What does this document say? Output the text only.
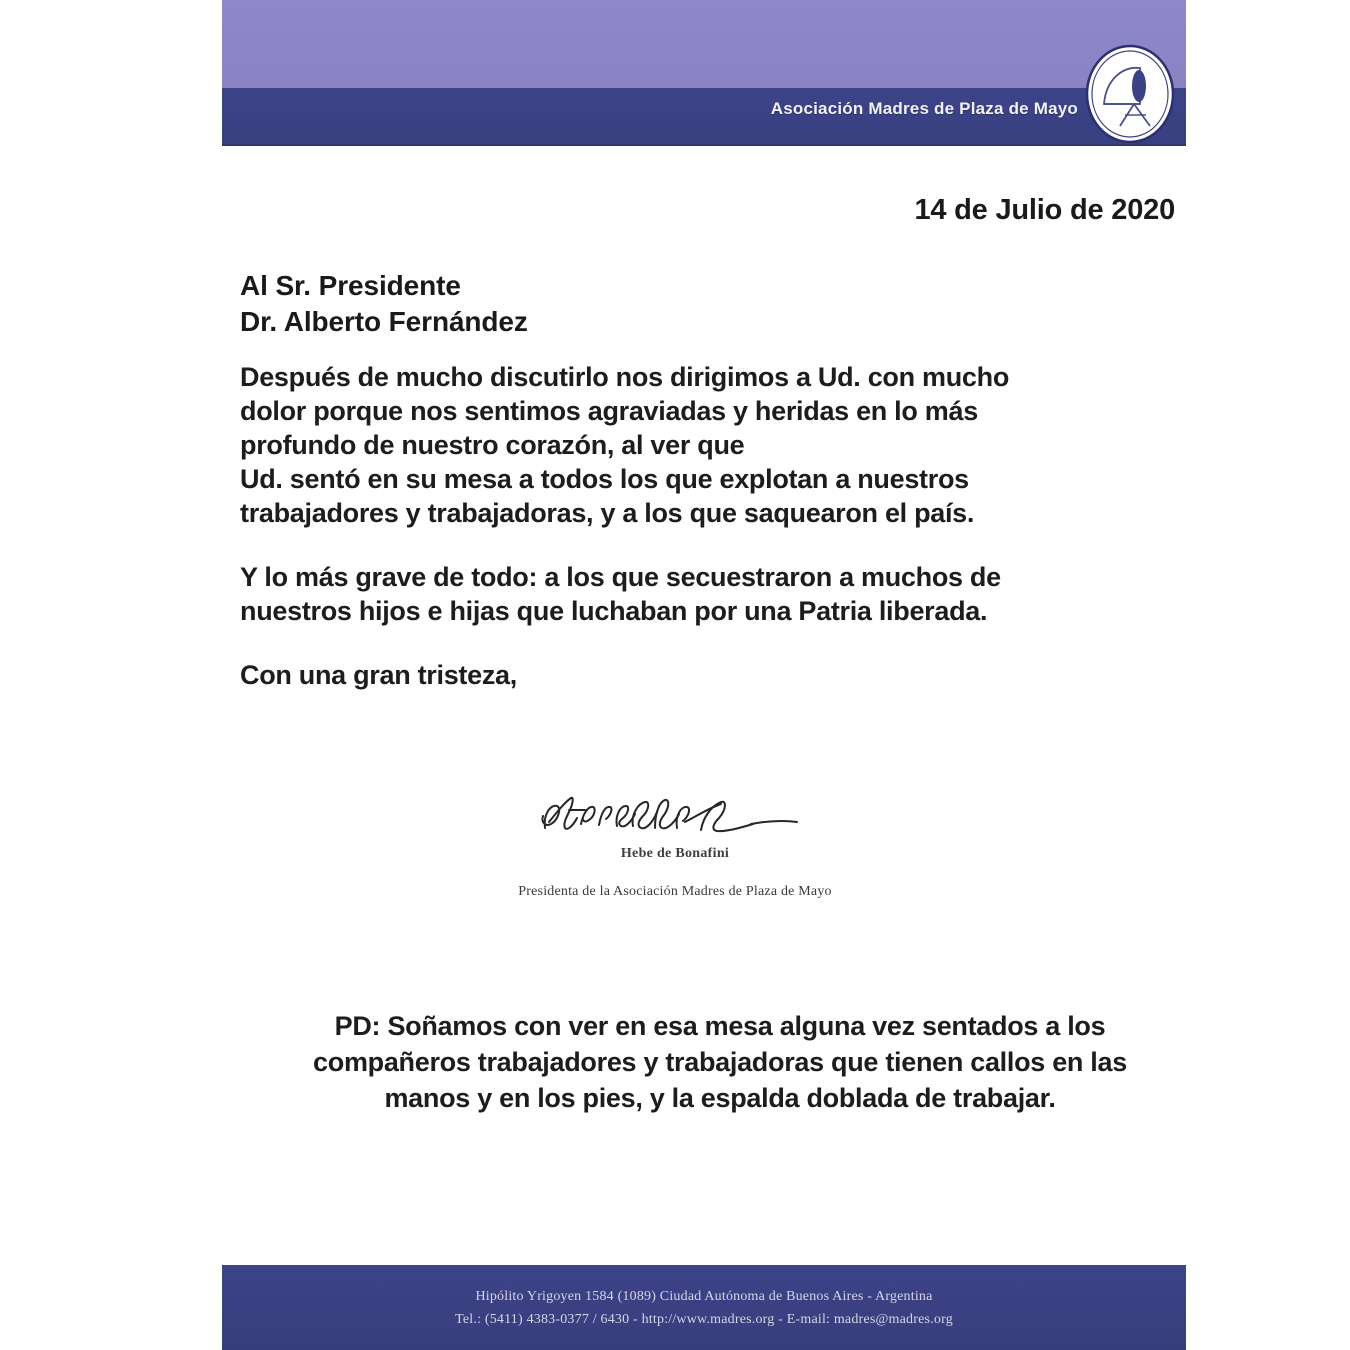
Asociación Madres de Plaza de Mayo
14 de Julio de 2020
Al Sr. Presidente
Dr. Alberto Fernández
Después de mucho discutirlo nos dirigimos a Ud. con mucho
dolor porque nos sentimos agraviadas y heridas en lo más
profundo de nuestro corazón, al ver que
Ud. sentó en su mesa a todos los que explotan a nuestros
trabajadores y trabajadoras, y a los que saquearon el país.
Y lo más grave de todo: a los que secuestraron a muchos de
nuestros hijos e hijas que luchaban por una Patria liberada.
Con una gran tristeza,
Hebe de Bonafini
Presidenta de la Asociación Madres de Plaza de Mayo
PD: Soñamos con ver en esa mesa alguna vez sentados a los
compañeros trabajadores y trabajadoras que tienen callos en las
manos y en los pies, y la espalda doblada de trabajar.
Hipólito Yrigoyen 1584 (1089) Ciudad Autónoma de Buenos Aires - Argentina
Tel.: (5411) 4383-0377 / 6430 - http://www.madres.org - E-mail: madres@madres.org
